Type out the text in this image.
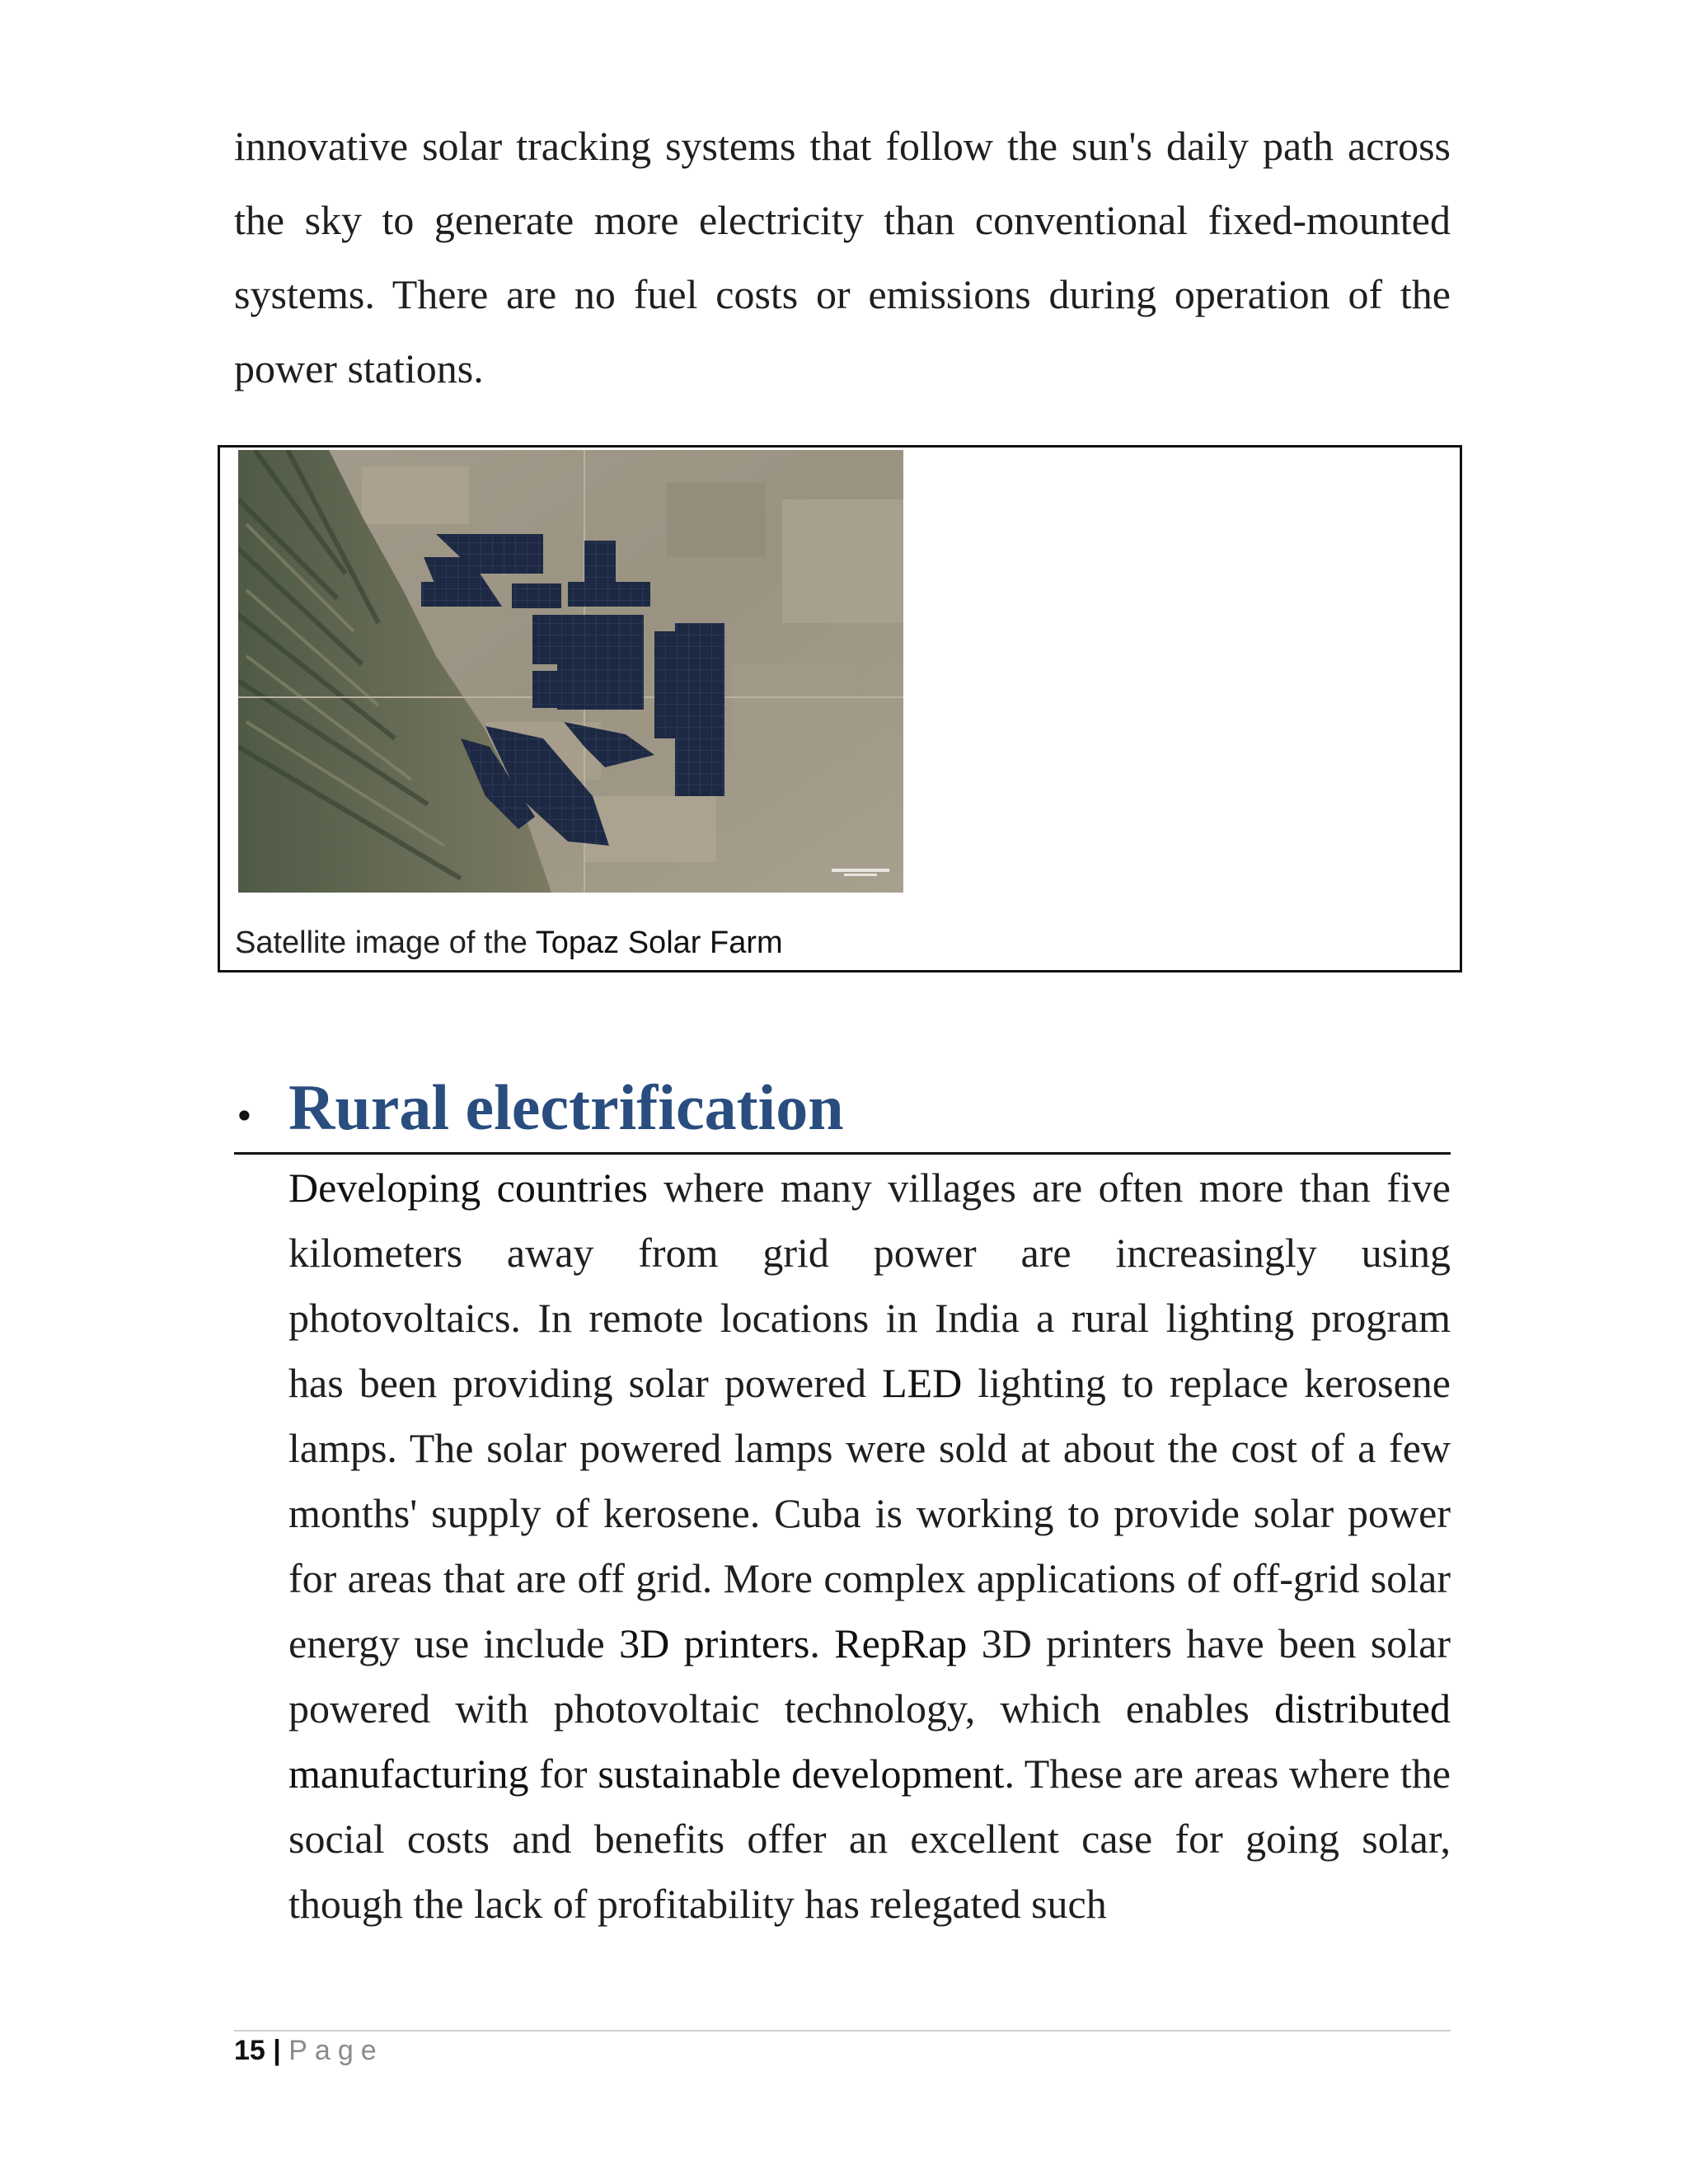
innovative solar tracking systems that follow the sun's daily path across the sky to generate more electricity than conventional fixed-mounted systems. There are no fuel costs or emissions during operation of the power stations.

Satellite image of the Topaz Solar Farm
• Rural electrification

Developing countries where many villages are often more than five kilometers away from grid power are increasingly using photovoltaics. In remote locations in India a rural lighting program has been providing solar powered LED lighting to replace kerosene lamps. The solar powered lamps were sold at about the cost of a few months' supply of kerosene. Cuba is working to provide solar power for areas that are off grid. More complex applications of off-grid solar energy use include 3D printers. RepRap 3D printers have been solar powered with photovoltaic technology, which enables distributed manufacturing for sustainable development. These are areas where the social costs and benefits offer an excellent case for going solar, though the lack of profitability has relegated such

15 | Page
